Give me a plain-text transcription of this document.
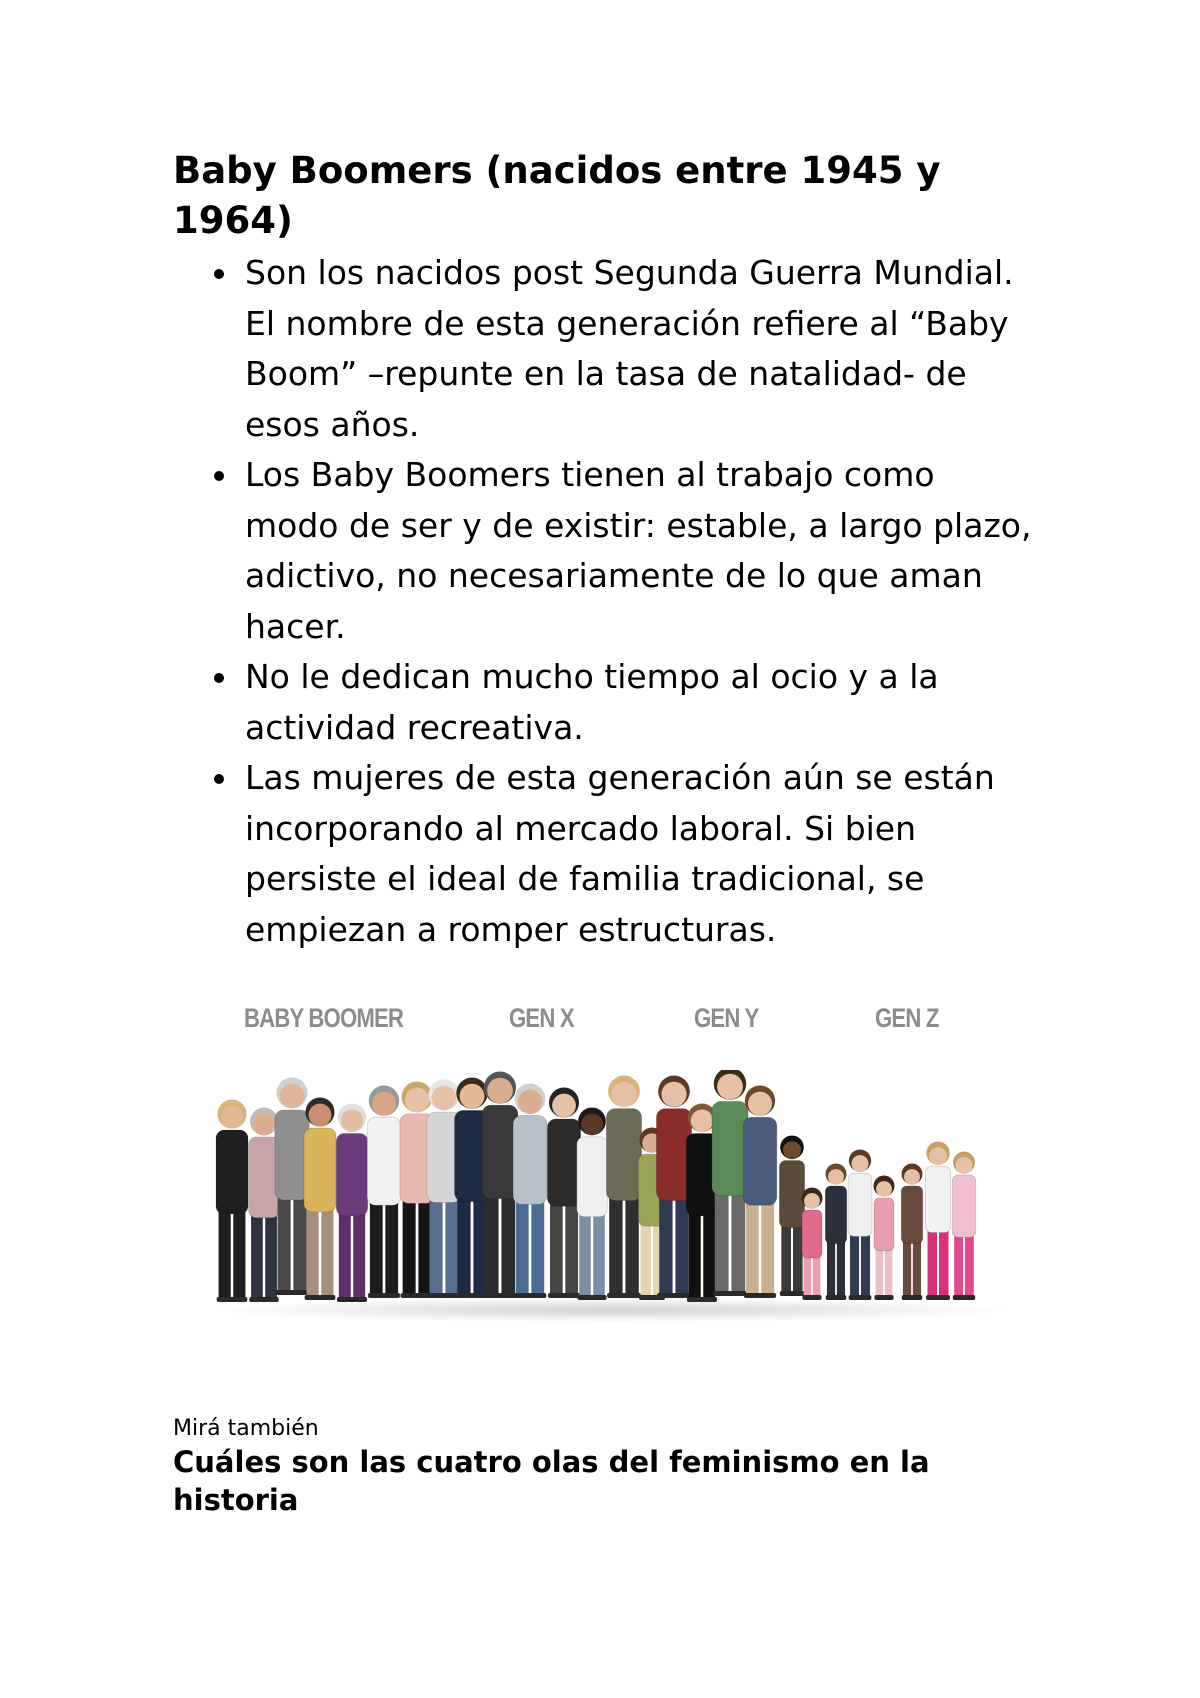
Baby Boomers (nacidos entre 1945 y 1964)
Son los nacidos post Segunda Guerra Mundial. El nombre de esta generación refiere al “Baby Boom” –repunte en la tasa de natalidad- de esos años.
Los Baby Boomers tienen al trabajo como modo de ser y de existir: estable, a largo plazo, adictivo, no necesariamente de lo que aman hacer.
No le dedican mucho tiempo al ocio y a la actividad recreativa.
Las mujeres de esta generación aún se están incorporando al mercado laboral. Si bien persiste el ideal de familia tradicional, se empiezan a romper estructuras.
BABY BOOMER	GEN X	GEN Y	GEN Z
Mirá también
Cuáles son las cuatro olas del feminismo en la historia
